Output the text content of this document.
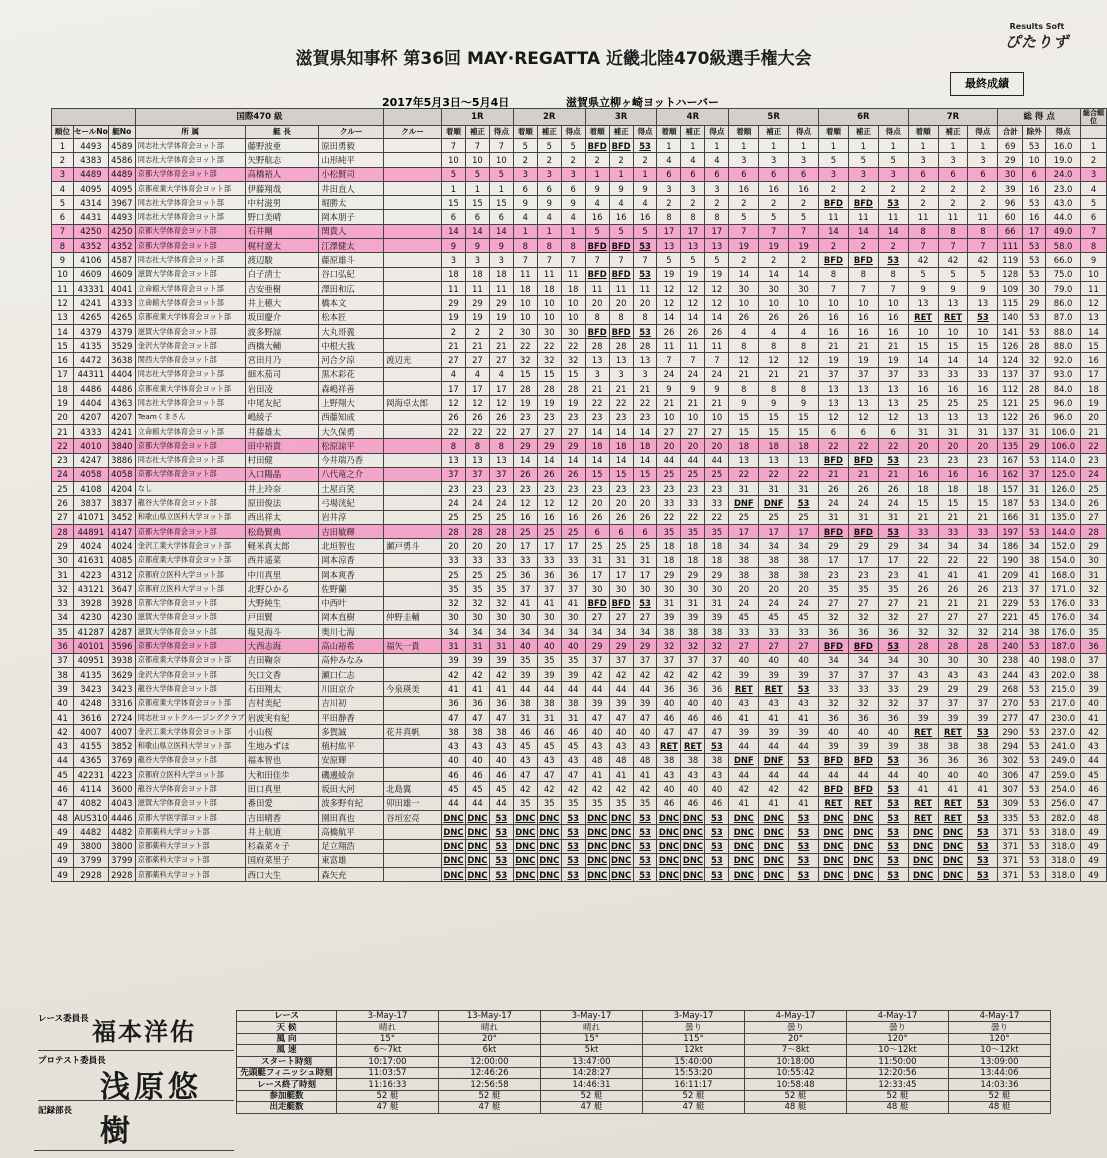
Results Soft
ぴたりず
滋賀県知事杯 第36回 MAY·REGATTA 近畿北陸470級選手権大会
最終成績
2017年5月3日〜5月4日	滋賀県立柳ヶ崎ヨットハーバー
			国際470 級				1R			2R			3R			4R			5R			6R			7R			総 得 点			総合順位
順位	セールNo	艇No	所 属	艇 長	クルー	クルー	着順	補正	得点	着順	補正	得点	着順	補正	得点	着順	補正	得点	着順	補正	得点	着順	補正	得点	着順	補正	得点	合計	除外	得点	
1	4493	4589	同志社大学体育会ヨット部	藤野波亜	原田勇毅		7	7	7	5	5	5	BFD	BFD	53	1	1	1	1	1	1	1	1	1	1	1	1	69	53	16.0	1
2	4383	4586	同志社大学体育会ヨット部	矢野航志	山形純平		10	10	10	2	2	2	2	2	2	4	4	4	3	3	3	5	5	5	3	3	3	29	10	19.0	2
3	4489	4489	京都大学体育会ヨット部	高橋裕人	小松賢司		5	5	5	3	3	3	1	1	1	6	6	6	6	6	6	3	3	3	6	6	6	30	6	24.0	3
4	4095	4095	京都産業大学体育会ヨット部	伊藤翔哉	井田直人		1	1	1	6	6	6	9	9	9	3	3	3	16	16	16	2	2	2	2	2	2	39	16	23.0	4
5	4314	3967	同志社大学体育会ヨット部	中村滋男	堀勝太		15	15	15	9	9	9	4	4	4	2	2	2	2	2	2	BFD	BFD	53	2	2	2	96	53	43.0	5
6	4431	4493	同志社大学体育会ヨット部	野口美晴	岡本朋子		6	6	6	4	4	4	16	16	16	8	8	8	5	5	5	11	11	11	11	11	11	60	16	44.0	6
7	4250	4250	京都大学体育会ヨット部	石井剛	関貴人		14	14	14	1	1	1	5	5	5	17	17	17	7	7	7	14	14	14	8	8	8	66	17	49.0	7
8	4352	4352	京都大学体育会ヨット部	梶村遼太	江澤健太		9	9	9	8	8	8	BFD	BFD	53	13	13	13	19	19	19	2	2	2	7	7	7	111	53	58.0	8
9	4106	4587	同志社大学体育会ヨット部	渡辺駿	藤原雄斗		3	3	3	7	7	7	7	7	7	5	5	5	2	2	2	BFD	BFD	53	42	42	42	119	53	66.0	9
10	4609	4609	滋賀大学体育会ヨット部	白子清士	谷口弘紀		18	18	18	11	11	11	BFD	BFD	53	19	19	19	14	14	14	8	8	8	5	5	5	128	53	75.0	10
11	43331	4041	立命館大学体育会ヨット部	吉安亜樹	澤田和広		11	11	11	18	18	18	11	11	11	12	12	12	30	30	30	7	7	7	9	9	9	109	30	79.0	11
12	4241	4333	立命館大学体育会ヨット部	井上穂大	橋本文		29	29	29	10	10	10	20	20	20	12	12	12	10	10	10	10	10	10	13	13	13	115	29	86.0	12
13	4265	4265	京都産業大学体育会ヨット部	坂田慶介	松本匠		19	19	19	10	10	10	8	8	8	14	14	14	26	26	26	16	16	16	RET	RET	53	140	53	87.0	13
14	4379	4379	滋賀大学体育会ヨット部	波多野諒	大丸哥義		2	2	2	30	30	30	BFD	BFD	53	26	26	26	4	4	4	16	16	16	10	10	10	141	53	88.0	14
15	4135	3529	金沢大学体育会ヨット部	西橋大輔	中根大我		21	21	21	22	22	22	28	28	28	11	11	11	8	8	8	21	21	21	15	15	15	126	28	88.0	15
16	4472	3638	関西大学体育会ヨット部	宮田月乃	河合夕涼	渡辺光	27	27	27	32	32	32	13	13	13	7	7	7	12	12	12	19	19	19	14	14	14	124	32	92.0	16
17	44311	4404	同志社大学体育会ヨット部	細木茄司	黒木彩花		4	4	4	15	15	15	3	3	3	24	24	24	21	21	21	37	37	37	33	33	33	137	37	93.0	17
18	4486	4486	京都産業大学体育会ヨット部	岩田凌	森嶋祥善		17	17	17	28	28	28	21	21	21	9	9	9	8	8	8	13	13	13	16	16	16	112	28	84.0	18
19	4404	4363	同志社大学体育会ヨット部	中尾友紀	上野翔大	岡海卓太郎	12	12	12	19	19	19	22	22	22	21	21	21	9	9	9	13	13	13	25	25	25	121	25	96.0	19
20	4207	4207	Teamくまさん	嶋綾子	西藤知成		26	26	26	23	23	23	23	23	23	10	10	10	15	15	15	12	12	12	13	13	13	122	26	96.0	20
21	4333	4241	立命館大学体育会ヨット部	井藤雄太	大久保勇		22	22	22	27	27	27	14	14	14	27	27	27	15	15	15	6	6	6	31	31	31	137	31	106.0	21
22	4010	3840	京都大学体育会ヨット部	田中裕貴	松原諒平		8	8	8	29	29	29	18	18	18	20	20	20	18	18	18	22	22	22	20	20	20	135	29	106.0	22
23	4247	3886	同志社大学体育会ヨット部	村田健	今井瑞乃香		13	13	13	14	14	14	14	14	14	44	44	44	13	13	13	BFD	BFD	53	23	23	23	167	53	114.0	23
24	4058	4058	京都大学体育会ヨット部	入口陽晶	八代竜之介		37	37	37	26	26	26	15	15	15	25	25	25	22	22	22	21	21	21	16	16	16	162	37	125.0	24
25	4108	4204	なし	井上玲奈	土屋百笑		23	23	23	23	23	23	23	23	23	23	23	23	31	31	31	26	26	26	18	18	18	157	31	126.0	25
26	3837	3837	龍谷大学体育会ヨット部	原田俊法	弓場洸紀		24	24	24	12	12	12	20	20	20	33	33	33	DNF	DNF	53	24	24	24	15	15	15	187	53	134.0	26
27	41071	3452	和歌山県立医科大学ヨット部	西出祥太	岩井淳		25	25	25	16	16	16	26	26	26	22	22	22	25	25	25	31	31	31	21	21	21	166	31	135.0	27
28	44891	4147	京都大学体育会ヨット部	松島賢典	吉田敏輝		28	28	28	25	25	25	6	6	6	35	35	35	17	17	17	BFD	BFD	53	33	33	33	197	53	144.0	28
29	4024	4024	金沢工業大学体育会ヨット部	軽米真太郎	北垣智也	瀬戸勇斗	20	20	20	17	17	17	25	25	25	18	18	18	34	34	34	29	29	29	34	34	34	186	34	152.0	29
30	41631	4085	京都産業大学体育会ヨット部	西井遥菜	岡本涼香		33	33	33	33	33	33	31	31	31	18	18	18	38	38	38	17	17	17	22	22	22	190	38	154.0	30
31	4223	4312	京都府立医科大学ヨット部	中川真里	岡本爽香		25	25	25	36	36	36	17	17	17	29	29	29	38	38	38	23	23	23	41	41	41	209	41	168.0	31
32	43121	3647	京都府立医科大学ヨット部	北野ひかる	佐野蘭		35	35	35	37	37	37	30	30	30	30	30	30	20	20	20	35	35	35	26	26	26	213	37	171.0	32
33	3928	3928	京都大学体育会ヨット部	大野純生	中西叶		32	32	32	41	41	41	BFD	BFD	53	31	31	31	24	24	24	27	27	27	21	21	21	229	53	176.0	33
34	4230	4230	滋賀大学体育会ヨット部	戸田賢	岡本直樹	仲野圭輔	30	30	30	30	30	30	27	27	27	39	39	39	45	45	45	32	32	32	27	27	27	221	45	176.0	34
35	41287	4287	滋賀大学体育会ヨット部	塩見海斗	奥川七海		34	34	34	34	34	34	34	34	34	38	38	38	33	33	33	36	36	36	32	32	32	214	38	176.0	35
36	40101	3596	京都大学体育会ヨット部	大西志海	高山裕希	福矢一貴	31	31	31	40	40	40	29	29	29	32	32	32	27	27	27	BFD	BFD	53	28	28	28	240	53	187.0	36
37	40951	3938	京都産業大学体育会ヨット部	吉田鞠奈	高仲みなみ		39	39	39	35	35	35	37	37	37	37	37	37	40	40	40	34	34	34	30	30	30	238	40	198.0	37
38	4135	3629	金沢大学体育会ヨット部	矢口文香	瀬口仁志		42	42	42	39	39	39	42	42	42	42	42	42	39	39	39	37	37	37	43	43	43	244	43	202.0	38
39	3423	3423	龍谷大学体育会ヨット部	石田翔太	川田京介	今泉瑛美	41	41	41	44	44	44	44	44	44	36	36	36	RET	RET	53	33	33	33	29	29	29	268	53	215.0	39
40	4248	3316	京都産業大学体育会ヨット部	吉村美紀	吉川初		36	36	36	38	38	38	39	39	39	40	40	40	43	43	43	32	32	32	37	37	37	270	53	217.0	40
41	3616	2724	同志社ヨットクルージングクラブ	岩波実有紀	平田静香		47	47	47	31	31	31	47	47	47	46	46	46	41	41	41	36	36	36	39	39	39	277	47	230.0	41
42	4007	4007	金沢工業大学体育会ヨット部	小山桜	多賀誠	花井真帆	38	38	38	46	46	46	40	40	40	47	47	47	39	39	39	40	40	40	RET	RET	53	290	53	237.0	42
43	4155	3852	和歌山県立医科大学ヨット部	生地みずほ	植村紘平		43	43	43	45	45	45	43	43	43	RET	RET	53	44	44	44	39	39	39	38	38	38	294	53	241.0	43
44	4365	3769	龍谷大学体育会ヨット部	福本智也	安原輝		40	40	40	43	43	43	48	48	48	38	38	38	DNF	DNF	53	BFD	BFD	53	36	36	36	302	53	249.0	44
45	42231	4223	京都府立医科大学ヨット部	大和田佳歩	磯邊綾奈		46	46	46	47	47	47	41	41	41	43	43	43	44	44	44	44	44	44	40	40	40	306	47	259.0	45
46	4114	3600	龍谷大学体育会ヨット部	田口真里	坂田大河	北島翼	45	45	45	42	42	42	42	42	42	40	40	40	42	42	42	BFD	BFD	53	41	41	41	307	53	254.0	46
47	4082	4043	滋賀大学体育会ヨット部	番田愛	波多野有紀	卯田雄一	44	44	44	35	35	35	35	35	35	46	46	46	41	41	41	RET	RET	53	RET	RET	53	309	53	256.0	47
48	AUS310	4446	京都大学医学部ヨット部	吉田晴香	園田真也	谷垣宏亮	DNC	DNC	53	DNC	DNC	53	DNC	DNC	53	DNC	DNC	53	DNC	DNC	53	DNC	DNC	53	RET	RET	53	335	53	282.0	48
49	4482	4482	京都薬科大学ヨット部	井上航道	高橋航平		DNC	DNC	53	DNC	DNC	53	DNC	DNC	53	DNC	DNC	53	DNC	DNC	53	DNC	DNC	53	DNC	DNC	53	371	53	318.0	49
49	3800	3800	京都薬科大学ヨット部	杉森菜々子	足立翔浩		DNC	DNC	53	DNC	DNC	53	DNC	DNC	53	DNC	DNC	53	DNC	DNC	53	DNC	DNC	53	DNC	DNC	53	371	53	318.0	49
49	3799	3799	京都薬科大学ヨット部	国府菜里子	東富雄		DNC	DNC	53	DNC	DNC	53	DNC	DNC	53	DNC	DNC	53	DNC	DNC	53	DNC	DNC	53	DNC	DNC	53	371	53	318.0	49
49	2928	2928	京都薬科大学ヨット部	西口大生	森矢充		DNC	DNC	53	DNC	DNC	53	DNC	DNC	53	DNC	DNC	53	DNC	DNC	53	DNC	DNC	53	DNC	DNC	53	371	53	318.0	49
レース委員長 福本洋佑
プロテスト委員長
浅原悠樹
記録部長
レース	3-May-17	13-May-17	3-May-17	3-May-17	4-May-17	4-May-17	4-May-17
天 候	晴れ	晴れ	晴れ	曇り	曇り	曇り	曇り
風 向	15°	20°	15°	115°	20°	120°	120°
風 速	6〜7kt	6kt	5kt	12kt	7〜8kt	10〜12kt	10〜12kt
スタート時刻	10:17:00	12:00:00	13:47:00	15:40:00	10:18:00	11:50:00	13:09:00
先頭艇フィニッシュ時刻	11:03:57	12:46:26	14:28:27	15:53:20	10:55:42	12:20:56	13:44:06
レース終了時刻	11:16:33	12:56:58	14:46:31	16:11:17	10:58:48	12:33:45	14:03:36
参加艇数	52 艇	52 艇	52 艇	52 艇	52 艇	52 艇	52 艇
出走艇数	47 艇	47 艇	47 艇	47 艇	48 艇	48 艇	48 艇
